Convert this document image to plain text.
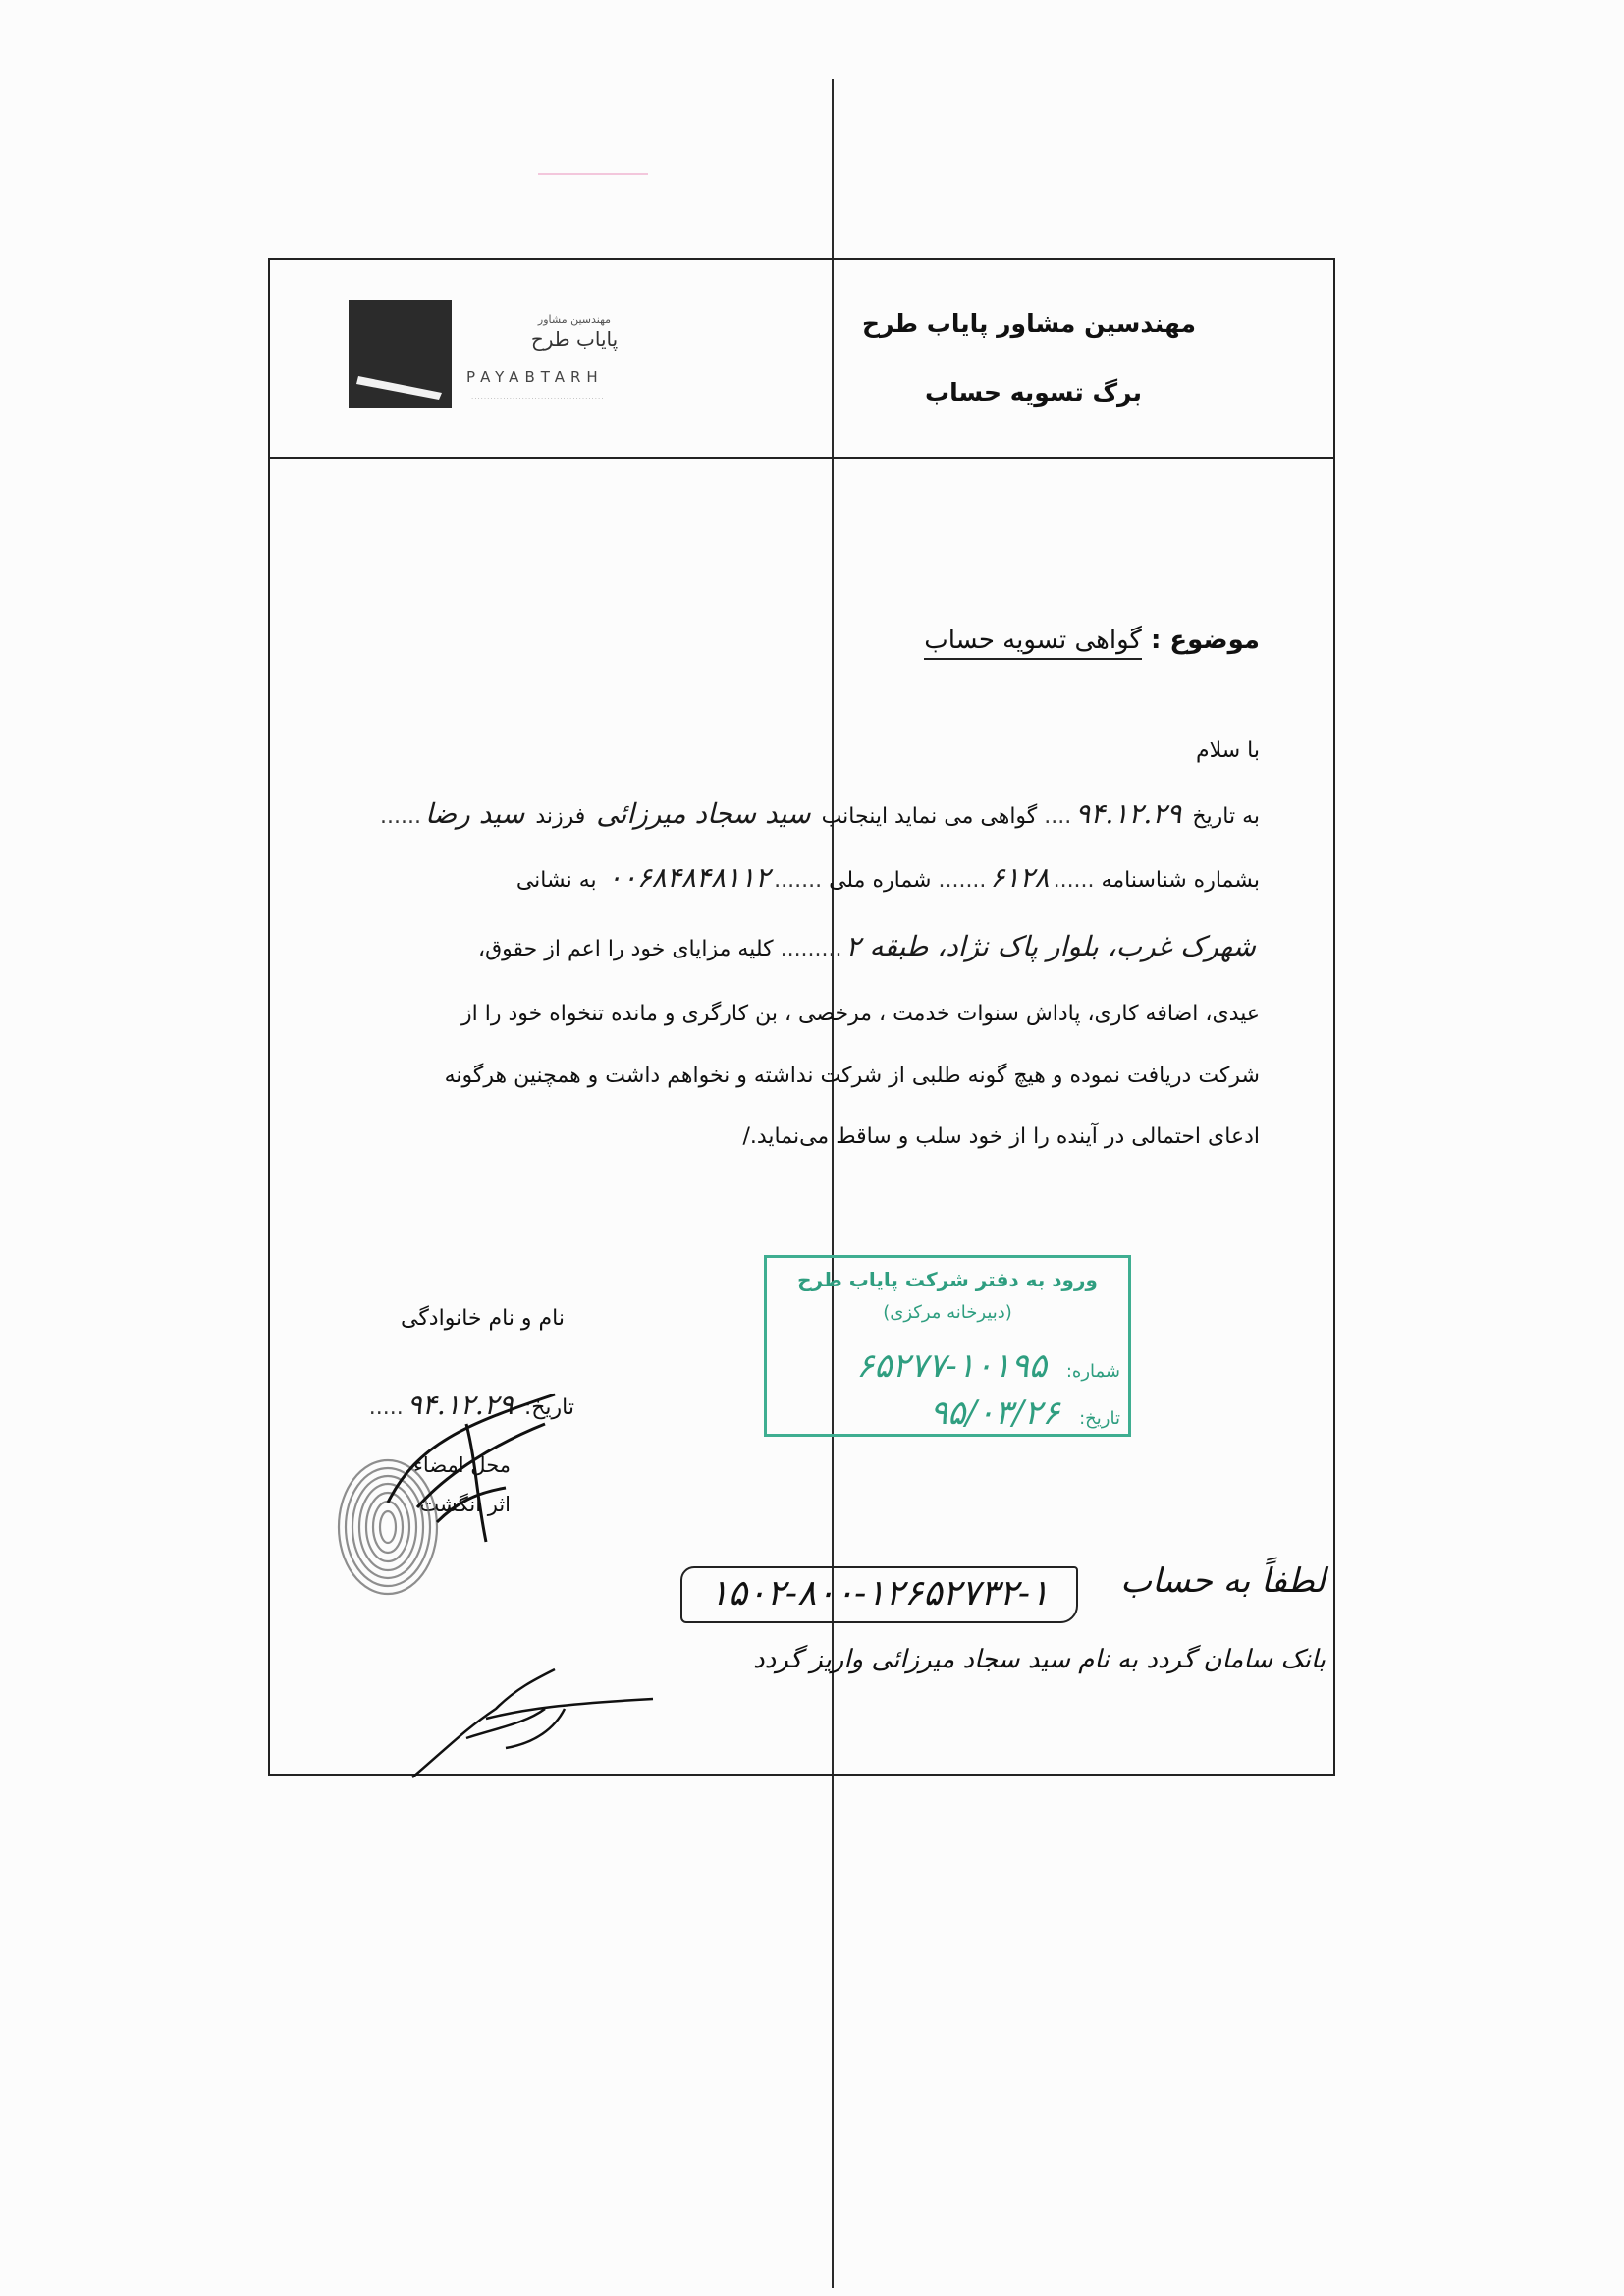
مهندسین مشاور پایاب طرح
برگ تسویه حساب
مهندسین مشاور
پایاب طرح
PAYABTARH
··········································
موضوع : گواهی تسویه حساب
با سلام
به تاریخ ۹۴.۱۲.۲۹.... گواهی می نماید اینجانب سید سجاد میرزائی فرزند سید رضا......
بشماره شناسنامه ......۶۱۲۸....... شماره ملی .......۰۰۶۸۴۸۴۸۱۱۲ به نشانی
شهرک غرب، بلوار پاک نژاد، طبقه ۲......... کلیه مزایای خود را اعم از حقوق،
عیدی، اضافه کاری، پاداش سنوات خدمت ، مرخصی ، بن کارگری و مانده تنخواه خود را از
شرکت دریافت نموده و هیچ گونه طلبی از شرکت نداشته و نخواهم داشت و همچنین هرگونه
ادعای احتمالی در آینده را از خود سلب و ساقط می‌نماید./
نام و نام خانوادگی
تاریخ: ۹۴.۱۲.۲۹.....
محل امضاء
اثر انگشت
ورود به دفتر شرکت پایاب طرح
(دبیرخانه مرکزی)
شماره: ۱۰۱۹۵-۶۵۲۷۷
تاریخ: ۹۵/۰۳/۲۶
لطفاً به حساب
۱۵۰۲-۸۰۰-۱۲۶۵۲۷۳۲-۱
بانک سامان گردد به نام سید سجاد میرزائی واریز گردد
